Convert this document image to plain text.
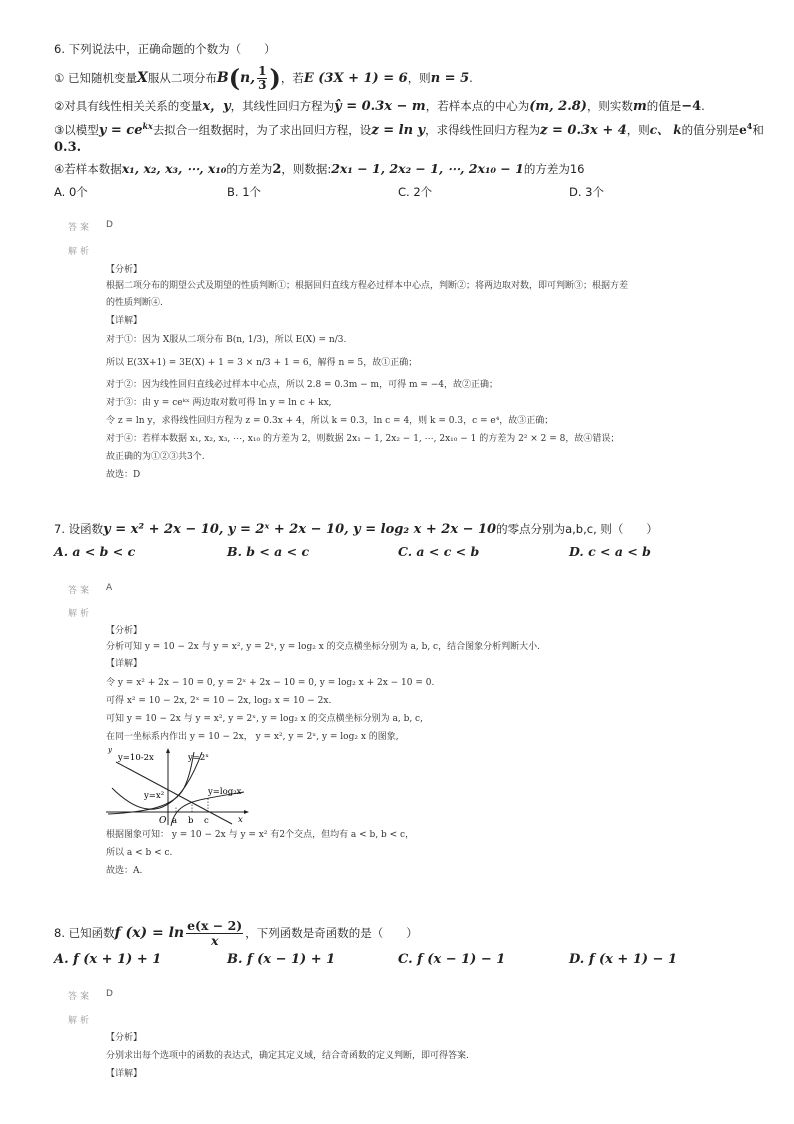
6. 下列说法中，正确命题的个数为（　　）
① 已知随机变量X服从二项分布B(n, $\frac{1}{3}$ )，若E (3X + 1) = 6，则n = 5.
②对具有线性相关关系的变量x，y，其线性回归方程为ŷ = 0.3x − m，若样本点的中心为(m, 2.8)，则实数m的值是−4.
③以模型$y = ce^{kx}$去拟合一组数据时，为了求出回归方程，设z = ln y，求得线性回归方程为z = 0.3x + 4，则c、 k的值分别是$e^4$和
0.3.
④若样本数据x₁, x₂, x₃, ⋯, x₁₀的方差为2，则数据:2x₁ − 1, 2x₂ − 1, ⋯, 2x₁₀ − 1的方差为16
A. 0个	B. 1个	C. 2个	D. 3个
答案 D
解析
【分析】
根据二项分布的期望公式及期望的性质判断①；根据回归直线方程必过样本中心点，判断②；将两边取对数，即可判断③；根据方差
的性质判断④.
【详解】
对于①：因为 X服从二项分布 B(n, 1/3)，所以 E(X) = n/3.
所以 E(3X+1) = 3E(X) + 1 = 3 × n/3 + 1 = 6，解得 n = 5，故①正确；
对于②：因为线性回归直线必过样本中心点，所以 2.8 = 0.3m − m，可得 m = −4，故②正确；
对于③：由 y = ceᵏˣ 两边取对数可得 ln y = ln c + kx,
令 z = ln y，求得线性回归方程为 z = 0.3x + 4，所以 k = 0.3，ln c = 4，则 k = 0.3，c = e⁴，故③正确；
对于④：若样本数据 x₁, x₂, x₃, ⋯, x₁₀ 的方差为 2，则数据 2x₁ − 1, 2x₂ − 1, ⋯, 2x₁₀ − 1 的方差为 2² × 2 = 8，故④错误；
故正确的为①②③共3个.
故选：D
7. 设函数y = x² + 2x − 10, y = 2ˣ + 2x − 10, y = log₂ x + 2x − 10的零点分别为a,b,c, 则（　　）
A. a < b < c	B. b < a < c	C. a < c < b	D. c < a < b
答案 A
解析
【分析】
分析可知 y = 10 − 2x 与 y = x², y = 2ˣ, y = log₂ x 的交点横坐标分别为 a, b, c，结合图象分析判断大小.
【详解】
令 y = x² + 2x − 10 = 0, y = 2ˣ + 2x − 10 = 0, y = log₂ x + 2x − 10 = 0.
可得 x² = 10 − 2x, 2ˣ = 10 − 2x, log₂ x = 10 − 2x.
可知 y = 10 − 2x 与 y = x², y = 2ˣ, y = log₂ x 的交点横坐标分别为 a, b, c,
在同一坐标系内作出 y = 10 − 2x， y = x², y = 2ˣ, y = log₂ x 的图象,
y=10-2x
y
y=2ˣ
y=x²	y=log₂x
O a b c	x
根据图象可知： y = 10 − 2x 与 y = x² 有2个交点，但均有 a < b, b < c，
所以 a < b < c.
故选：A.
8. 已知函数f $(x) = \ln \frac{e(x - 2)}{x}$ ，下列函数是奇函数的是（　　）
A. f (x + 1) + 1	B. f (x − 1) + 1	C. f (x − 1) − 1	D. f (x + 1) − 1
答案 D
解析
【分析】
分别求出每个选项中的函数的表达式，确定其定义域，结合奇函数的定义判断，即可得答案.
【详解】
